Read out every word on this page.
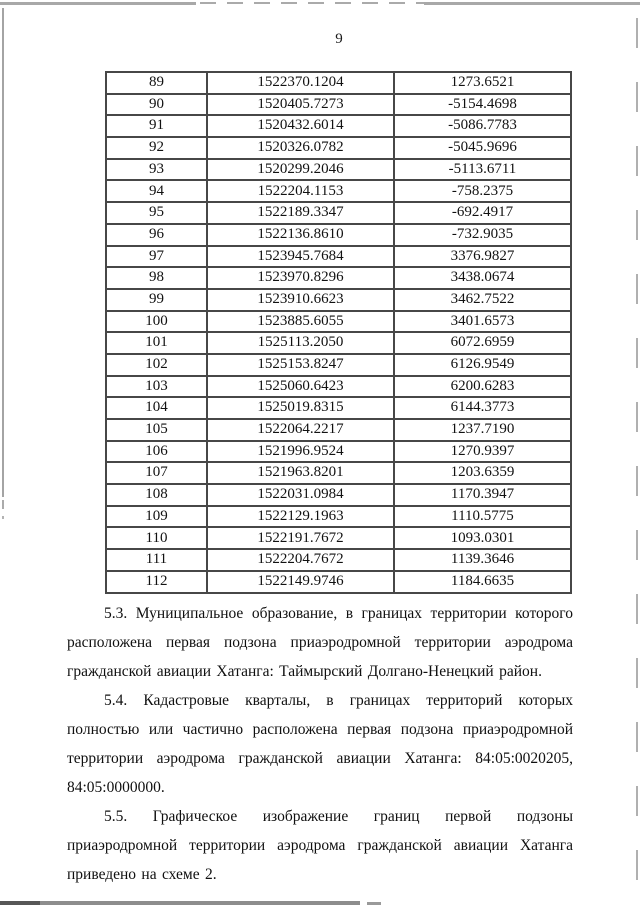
9
89	1522370.1204	1273.6521
90	1520405.7273	-5154.4698
91	1520432.6014	-5086.7783
92	1520326.0782	-5045.9696
93	1520299.2046	-5113.6711
94	1522204.1153	-758.2375
95	1522189.3347	-692.4917
96	1522136.8610	-732.9035
97	1523945.7684	3376.9827
98	1523970.8296	3438.0674
99	1523910.6623	3462.7522
100	1523885.6055	3401.6573
101	1525113.2050	6072.6959
102	1525153.8247	6126.9549
103	1525060.6423	6200.6283
104	1525019.8315	6144.3773
105	1522064.2217	1237.7190
106	1521996.9524	1270.9397
107	1521963.8201	1203.6359
108	1522031.0984	1170.3947
109	1522129.1963	1110.5775
110	1522191.7672	1093.0301
111	1522204.7672	1139.3646
112	1522149.9746	1184.6635

5.3. Муниципальное образование, в границах территории которого расположена первая подзона приаэродромной территории аэродрома гражданской авиации Хатанга: Таймырский Долгано-Ненецкий район.

5.4. Кадастровые кварталы, в границах территорий которых полностью или частично расположена первая подзона приаэродромной территории аэродрома гражданской авиации Хатанга: 84:05:0020205, 84:05:0000000.

5.5. Графическое изображение границ первой подзоны приаэродромной территории аэродрома гражданской авиации Хатанга приведено на схеме 2.
